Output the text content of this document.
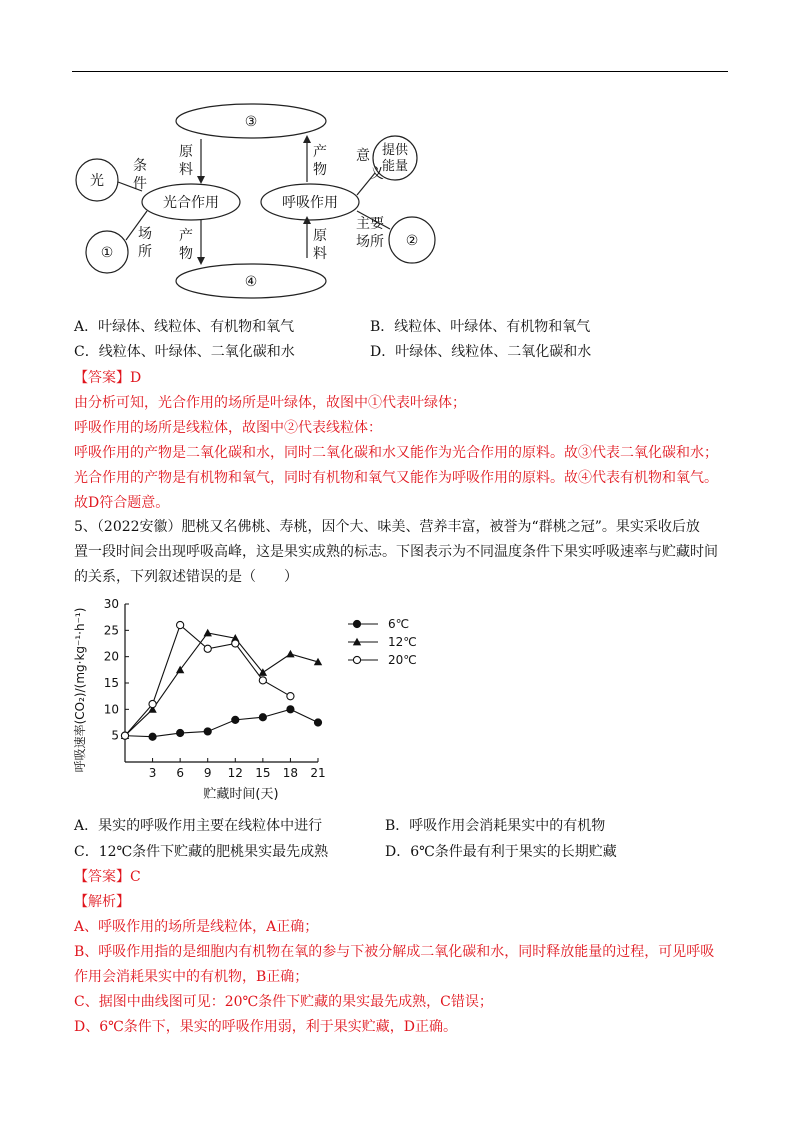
③
④
①
②
光
光合作用	呼吸作用
提供
能量
条
件
场
所
原
料
产
物
产
物
原
料
意
义
主要
场所
A．叶绿体、线粒体、有机物和氧气	B．线粒体、叶绿体、有机物和氧气
C．线粒体、叶绿体、二氧化碳和水	D．叶绿体、线粒体、二氧化碳和水
【答案】D
由分析可知，光合作用的场所是叶绿体，故图中①代表叶绿体；
呼吸作用的场所是线粒体，故图中②代表线粒体：
呼吸作用的产物是二氧化碳和水，同时二氧化碳和水又能作为光合作用的原料。故③代表二氧化碳和水；
光合作用的产物是有机物和氧气，同时有机物和氧气又能作为呼吸作用的原料。故④代表有机物和氧气。
故D符合题意。
5、（2022安徽）肥桃又名佛桃、寿桃，因个大、味美、营养丰富，被誉为“群桃之冠”。果实采收后放
置一段时间会出现呼吸高峰，这是果实成熟的标志。下图表示为不同温度条件下果实呼吸速率与贮藏时间
的关系，下列叙述错误的是（　　）
3 6 9 12 15 18 21
5
10
15
20
25
30
6℃
12℃
20℃
贮藏时间(天)
呼吸速率(CO₂)/(mg·kg⁻¹·h⁻¹)
A．果实的呼吸作用主要在线粒体中进行	B．呼吸作用会消耗果实中的有机物
C．12℃条件下贮藏的肥桃果实最先成熟	D．6℃条件最有利于果实的长期贮藏
【答案】C
【解析】
A、呼吸作用的场所是线粒体，A正确；
B、呼吸作用指的是细胞内有机物在氧的参与下被分解成二氧化碳和水，同时释放能量的过程，可见呼吸
作用会消耗果实中的有机物，B正确；
C、据图中曲线图可见：20℃条件下贮藏的果实最先成熟，C错误；
D、6℃条件下，果实的呼吸作用弱，利于果实贮藏，D正确。
